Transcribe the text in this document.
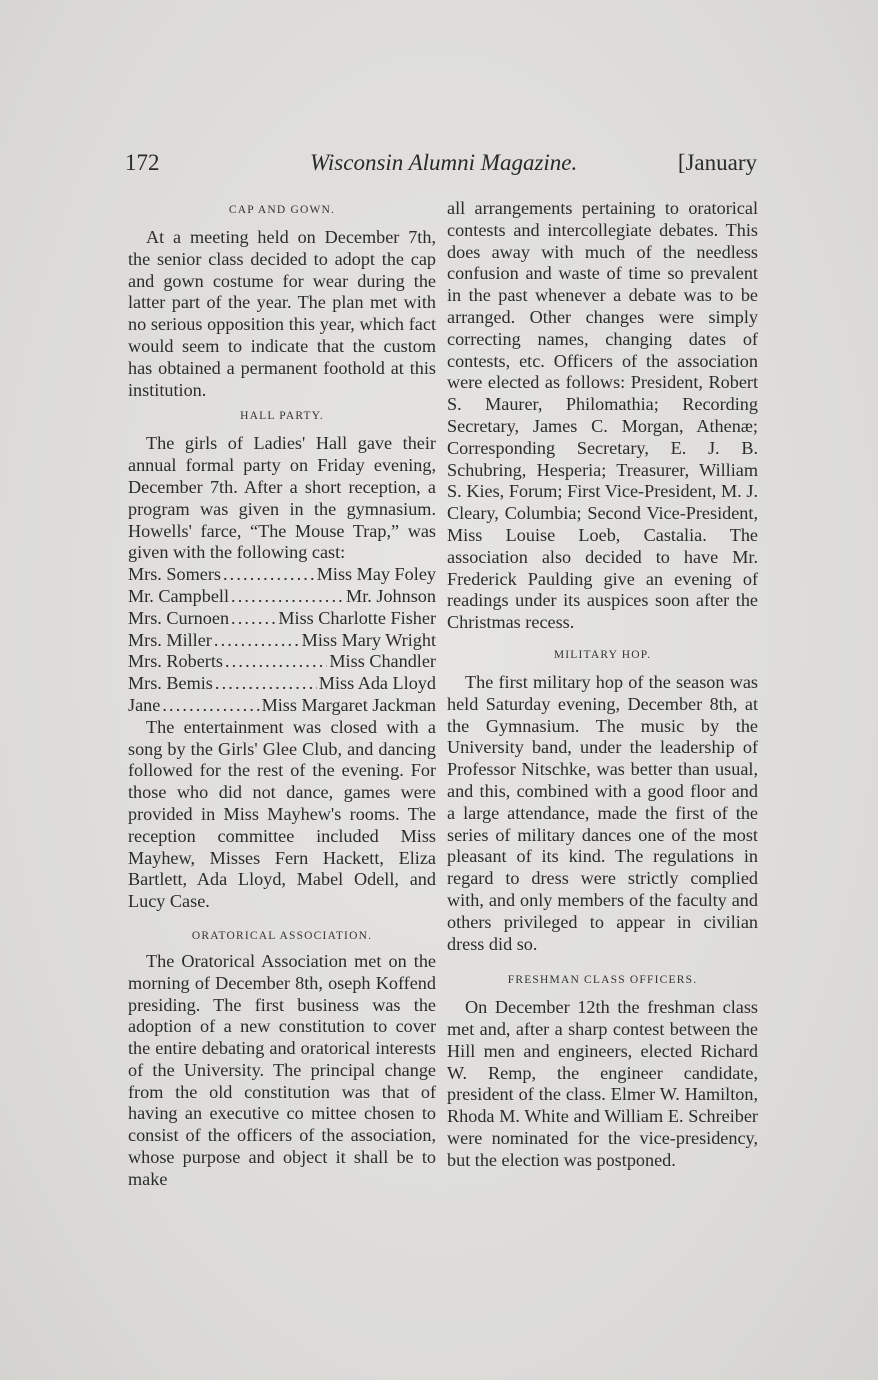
172	Wisconsin Alumni Magazine.	[January
CAP AND GOWN.

At a meeting held on December 7th, the senior class decided to adopt the cap and gown costume for wear during the latter part of the year. The plan met with no serious opposition this year, which fact would seem to indicate that the custom has obtained a permanent foothold at this institution.

HALL PARTY.

The girls of Ladies' Hall gave their annual formal party on Friday evening, December 7th. After a short reception, a program was given in the gymnasium. Howells' farce, “The Mouse Trap,” was given with the following cast:

Mrs. Somers . . .	Miss May Foley
Mr. Campbell . . .	Mr. Johnson
Mrs. Curnoen . . .	Miss Charlotte Fisher
Mrs. Miller . . .	Miss Mary Wright
Mrs. Roberts . . .	Miss Chandler
Mrs. Bemis . . .	Miss Ada Lloyd
Jane . . .	Miss Margaret Jackman

The entertainment was closed with a song by the Girls' Glee Club, and dancing followed for the rest of the evening. For those who did not dance, games were provided in Miss Mayhew's rooms. The reception committee included Miss Mayhew, Misses Fern Hackett, Eliza Bartlett, Ada Lloyd, Mabel Odell, and Lucy Case.

ORATORICAL ASSOCIATION.

The Oratorical Association met on the morning of December 8th, oseph Koffend presiding. The first business was the adoption of a new constitution to cover the entire debating and oratorical interests of the University. The principal change from the old constitution was that of having an executive co mittee chosen to consist of the officers of the association, whose purpose and object it shall be to make

all arrangements pertaining to oratorical contests and intercollegiate debates. This does away with much of the needless confusion and waste of time so prevalent in the past whenever a debate was to be arranged. Other changes were simply correcting names, changing dates of contests, etc. Officers of the association were elected as follows: President, Robert S. Maurer, Philomathia; Recording Secretary, James C. Morgan, Athenæ; Corresponding Secretary, E. J. B. Schubring, Hesperia; Treasurer, William S. Kies, Forum; First Vice-President, M. J. Cleary, Columbia; Second Vice-President, Miss Louise Loeb, Castalia. The association also decided to have Mr. Frederick Paulding give an evening of readings under its auspices soon after the Christmas recess.

MILITARY HOP.

The first military hop of the season was held Saturday evening, December 8th, at the Gymnasium. The music by the University band, under the leadership of Professor Nitschke, was better than usual, and this, combined with a good floor and a large attendance, made the first of the series of military dances one of the most pleasant of its kind. The regulations in regard to dress were strictly complied with, and only members of the faculty and others privileged to appear in civilian dress did so.

FRESHMAN CLASS OFFICERS.

On December 12th the freshman class met and, after a sharp contest between the Hill men and engineers, elected Richard W. Remp, the engineer candidate, president of the class. Elmer W. Hamilton, Rhoda M. White and William E. Schreiber were nominated for the vice-presidency, but the election was postponed.
